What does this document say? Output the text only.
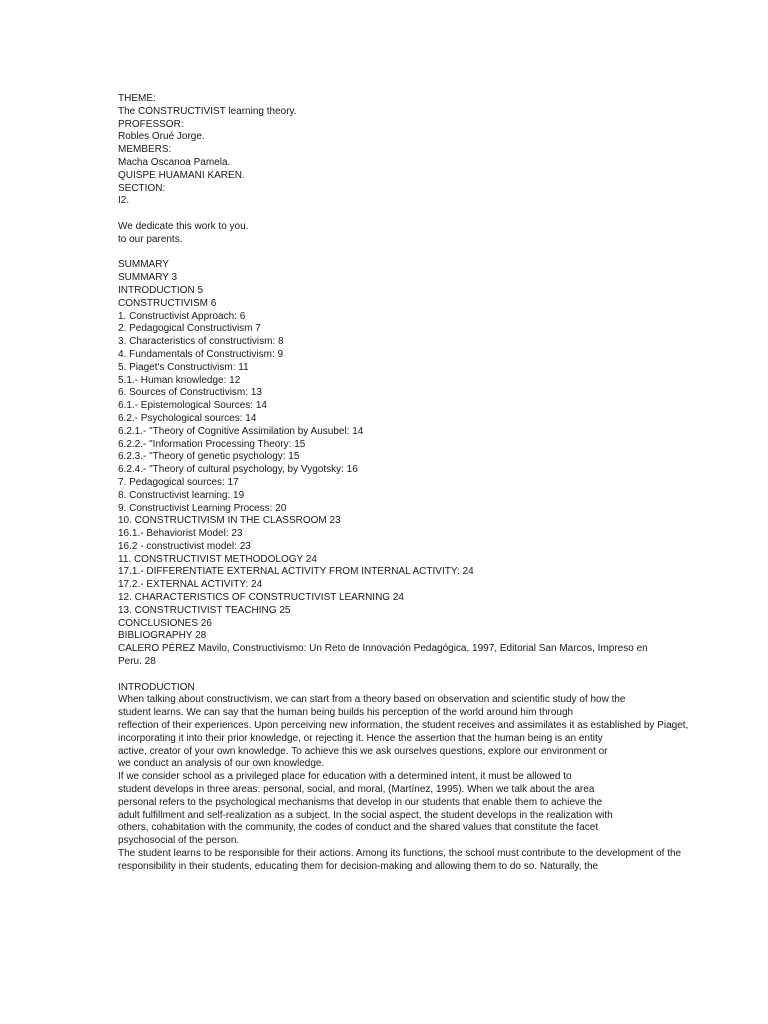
THEME:
The CONSTRUCTIVIST learning theory.
PROFESSOR:
Robles Orué Jorge.
MEMBERS:
Macha Oscanoa Pamela.
QUISPE HUAMANI KAREN.
SECTION:
I2.
We dedicate this work to you.
to our parents.
SUMMARY
SUMMARY 3
INTRODUCTION 5
CONSTRUCTIVISM 6
1. Constructivist Approach: 6
2. Pedagogical Constructivism 7
3. Characteristics of constructivism: 8
4. Fundamentals of Constructivism: 9
5. Piaget's Constructivism: 11
5.1.- Human knowledge: 12
6. Sources of Constructivism: 13
6.1.- Epistemological Sources: 14
6.2.- Psychological sources: 14
6.2.1.- "Theory of Cognitive Assimilation by Ausubel: 14
6.2.2.- "Information Processing Theory: 15
6.2.3.- "Theory of genetic psychology: 15
6.2.4.- "Theory of cultural psychology, by Vygotsky: 16
7. Pedagogical sources: 17
8. Constructivist learning: 19
9. Constructivist Learning Process: 20
10. CONSTRUCTIVISM IN THE CLASSROOM 23
16.1.- Behaviorist Model: 23
16.2 - constructivist model: 23
11. CONSTRUCTIVIST METHODOLOGY 24
17.1.- DIFFERENTIATE EXTERNAL ACTIVITY FROM INTERNAL ACTIVITY: 24
17.2.- EXTERNAL ACTIVITY: 24
12. CHARACTERISTICS OF CONSTRUCTIVIST LEARNING 24
13. CONSTRUCTIVIST TEACHING 25
CONCLUSIONES 26
BIBLIOGRAPHY 28
CALERO PÉREZ Mavilo, Constructivismo: Un Reto de Innovación Pedagógica, 1997, Editorial San Marcos, Impreso en
Peru. 28
INTRODUCTION
When talking about constructivism, we can start from a theory based on observation and scientific study of how the
student learns. We can say that the human being builds his perception of the world around him through
reflection of their experiences. Upon perceiving new information, the student receives and assimilates it as established by Piaget,
incorporating it into their prior knowledge, or rejecting it. Hence the assertion that the human being is an entity
active, creator of your own knowledge. To achieve this we ask ourselves questions, explore our environment or
we conduct an analysis of our own knowledge.
If we consider school as a privileged place for education with a determined intent, it must be allowed to
student develops in three areas: personal, social, and moral, (Martínez, 1995). When we talk about the area
personal refers to the psychological mechanisms that develop in our students that enable them to achieve the
adult fulfillment and self-realization as a subject. In the social aspect, the student develops in the realization with
others, cohabitation with the community, the codes of conduct and the shared values that constitute the facet
psychosocial of the person.
The student learns to be responsible for their actions. Among its functions, the school must contribute to the development of the
responsibility in their students, educating them for decision-making and allowing them to do so. Naturally, the
